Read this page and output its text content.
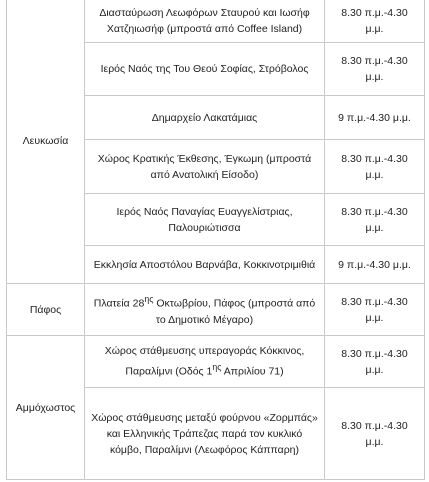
Λευκωσία	Διασταύρωση Λεωφόρων Σταυρού και Ιωσήφ Χατζηιωσήφ (μπροστά από Coffee Island)	8.30 π.μ.-4.30 μ.μ.
	Ιερός Ναός της Του Θεού Σοφίας, Στρόβολος	8.30 π.μ.-4.30 μ.μ.
	Δημαρχείο Λακατάμιας	9 π.μ.-4.30 μ.μ.
	Χώρος Κρατικής Έκθεσης, Έγκωμη (μπροστά από Ανατολική Είσοδο)	8.30 π.μ.-4.30 μ.μ.
	Ιερός Ναός Παναγίας Ευαγγελίστριας, Παλουριώτισσα	8.30 π.μ.-4.30 μ.μ.
	Εκκλησία Αποστόλου Βαρνάβα, Κοκκινοτριμιθιά	9 π.μ.-4.30 μ.μ.
Πάφος	Πλατεία $28^{\eta\varsigma}$ Οκτωβρίου, Πάφος (μπροστά από το Δημοτικό Μέγαρο)	8.30 π.μ.-4.30 μ.μ.
Αμμόχωστος	Χώρος στάθμευσης υπεραγοράς Κόκκινος, Παραλίμνι (Οδός $1^{\eta\varsigma}$ Απριλίου 71)	8.30 π.μ.-4.30 μ.μ.
	Χώρος στάθμευσης μεταξύ φούρνου «Ζορμπάς» και Ελληνικής Τράπεζας παρά τον κυκλικό κόμβο, Παραλίμνι (Λεωφόρος Κάππαρη)	8.30 π.μ.-4.30 μ.μ.
